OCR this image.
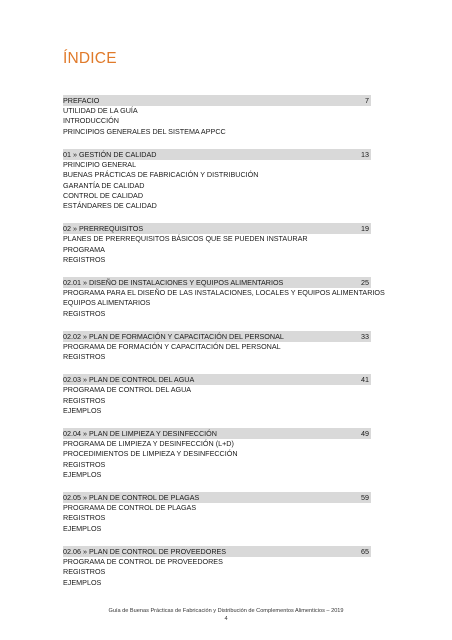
ÍNDICE
PREFACIO	7
UTILIDAD DE LA GUÍA
INTRODUCCIÓN
PRINCIPIOS GENERALES DEL SISTEMA APPCC
01 » GESTIÓN DE CALIDAD	13
PRINCIPIO GENERAL
BUENAS PRÁCTICAS DE FABRICACIÓN Y DISTRIBUCIÓN
GARANTÍA DE CALIDAD
CONTROL DE CALIDAD
ESTÁNDARES DE CALIDAD
02 » PRERREQUISITOS	19
PLANES DE PRERREQUISITOS BÁSICOS QUE SE PUEDEN INSTAURAR
PROGRAMA
REGISTROS
02.01 » DISEÑO DE INSTALACIONES Y EQUIPOS ALIMENTARIOS	25
PROGRAMA PARA EL DISEÑO DE LAS INSTALACIONES, LOCALES Y EQUIPOS ALIMENTARIOS
EQUIPOS ALIMENTARIOS
REGISTROS
02.02 » PLAN DE FORMACIÓN Y CAPACITACIÓN DEL PERSONAL	33
PROGRAMA DE FORMACIÓN Y CAPACITACIÓN DEL PERSONAL
REGISTROS
02.03 » PLAN DE CONTROL DEL AGUA	41
PROGRAMA DE CONTROL DEL AGUA
REGISTROS
EJEMPLOS
02.04 » PLAN DE LIMPIEZA Y DESINFECCIÓN	49
PROGRAMA DE LIMPIEZA Y DESINFECCIÓN (L+D)
PROCEDIMIENTOS DE LIMPIEZA Y DESINFECCIÓN
REGISTROS
EJEMPLOS
02.05 » PLAN DE CONTROL DE PLAGAS	59
PROGRAMA DE CONTROL DE PLAGAS
REGISTROS
EJEMPLOS
02.06 » PLAN DE CONTROL DE PROVEEDORES	65
PROGRAMA DE CONTROL DE PROVEEDORES
REGISTROS
EJEMPLOS
Guía de Buenas Prácticas de Fabricación y Distribución de Complementos Alimenticios – 2019
4
